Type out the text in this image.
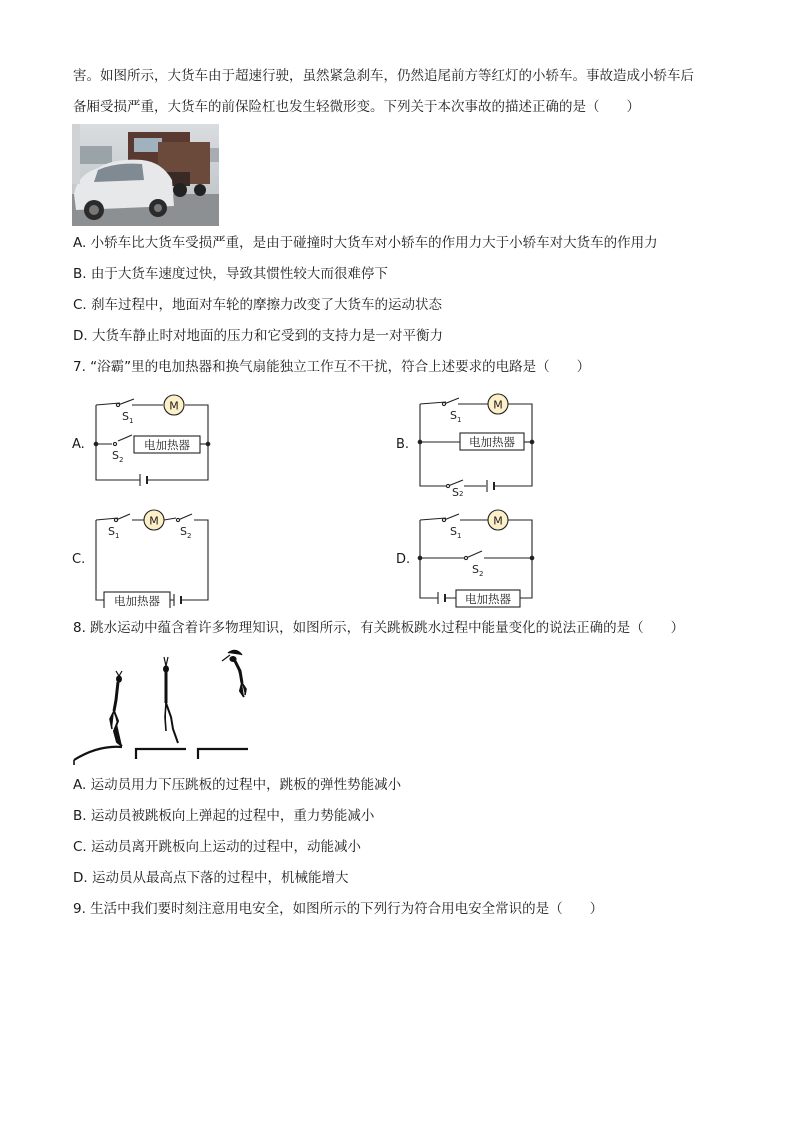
害。如图所示，大货车由于超速行驶，虽然紧急刹车，仍然追尾前方等红灯的小轿车。事故造成小轿车后
备厢受损严重，大货车的前保险杠也发生轻微形变。下列关于本次事故的描述正确的是（　　）
A. 小轿车比大货车受损严重，是由于碰撞时大货车对小轿车的作用力大于小轿车对大货车的作用力
B. 由于大货车速度过快，导致其惯性较大而很难停下
C. 刹车过程中，地面对车轮的摩擦力改变了大货车的运动状态
D. 大货车静止时对地面的压力和它受到的支持力是一对平衡力
7. “浴霸”里的电加热器和换气扇能独立工作互不干扰，符合上述要求的电路是（　　）
A.
M
电加热器
S 1
S 2
B.
M
电加热器
S 1
S 2
C.
M
电加热器
S 1	S 2
D.
M
电加热器
S 1
S 2
8. 跳水运动中蕴含着许多物理知识，如图所示，有关跳板跳水过程中能量变化的说法正确的是（　　）
A. 运动员用力下压跳板的过程中，跳板的弹性势能减小
B. 运动员被跳板向上弹起的过程中，重力势能减小
C. 运动员离开跳板向上运动的过程中，动能减小
D. 运动员从最高点下落的过程中，机械能增大
9. 生活中我们要时刻注意用电安全，如图所示的下列行为符合用电安全常识的是（　　）
